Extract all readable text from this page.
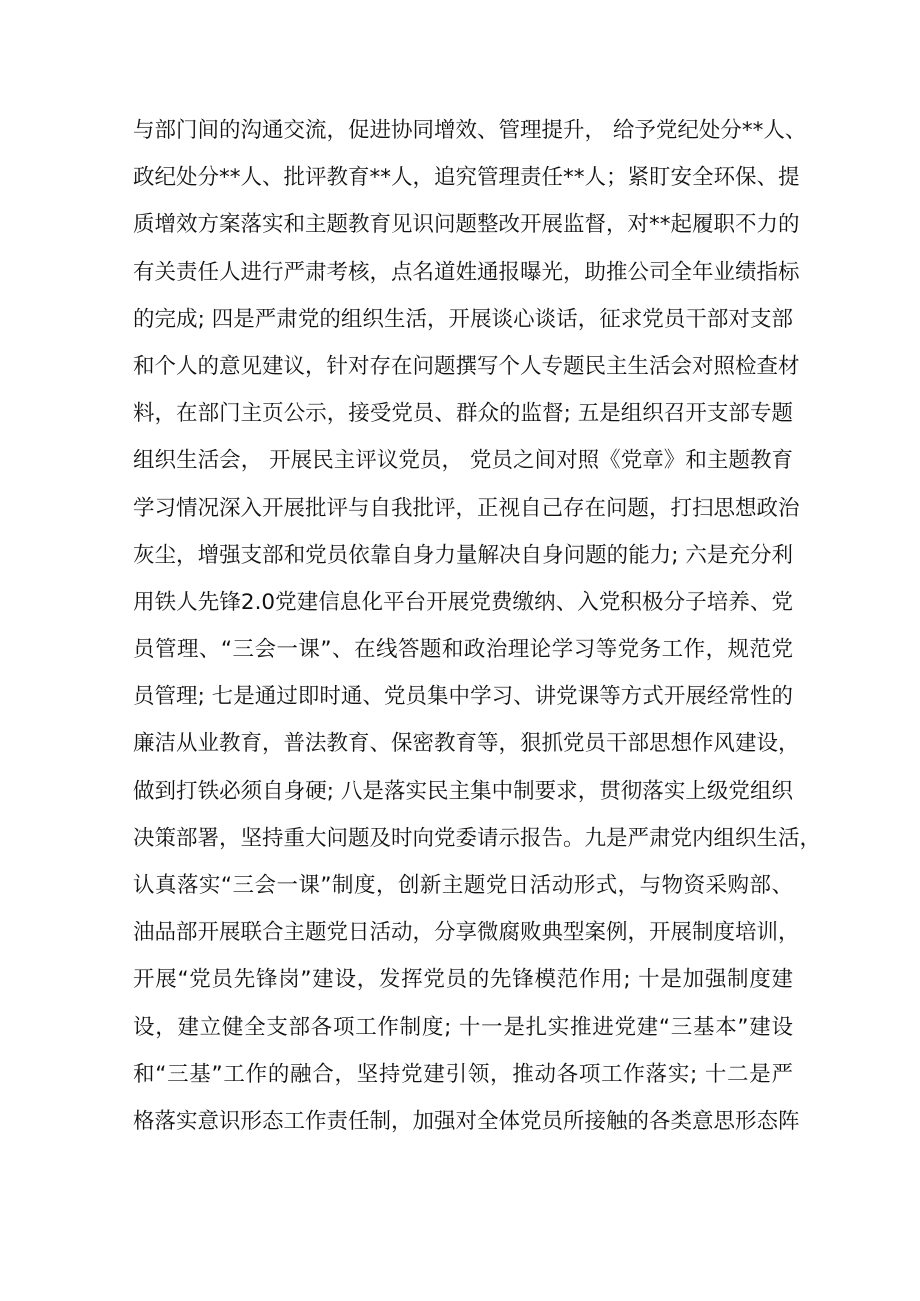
与部门间的沟通交流，促进协同增效、管理提升， 给予党纪处分**人、
政纪处分**人、批评教育**人，追究管理责任**人；紧盯安全环保、提
质增效方案落实和主题教育见识问题整改开展监督，对**起履职不力的
有关责任人进行严肃考核，点名道姓通报曝光，助推公司全年业绩指标
的完成; 四是严肃党的组织生活，开展谈心谈话，征求党员干部对支部
和个人的意见建议，针对存在问题撰写个人专题民主生活会对照检查材
料，在部门主页公示，接受党员、群众的监督; 五是组织召开支部专题
组织生活会， 开展民主评议党员， 党员之间对照《党章》和主题教育
学习情况深入开展批评与自我批评，正视自己存在问题，打扫思想政治
灰尘，增强支部和党员依靠自身力量解决自身问题的能力; 六是充分利
用铁人先锋2.0党建信息化平台开展党费缴纳、入党积极分子培养、党
员管理、“三会一课”、在线答题和政治理论学习等党务工作，规范党
员管理; 七是通过即时通、党员集中学习、讲党课等方式开展经常性的
廉洁从业教育，普法教育、保密教育等，狠抓党员干部思想作风建设，
做到打铁必须自身硬; 八是落实民主集中制要求，贯彻落实上级党组织
决策部署，坚持重大问题及时向党委请示报告。九是严肃党内组织生活，
认真落实“三会一课”制度，创新主题党日活动形式，与物资采购部、
油品部开展联合主题党日活动，分享微腐败典型案例，开展制度培训，
开展“党员先锋岗”建设，发挥党员的先锋模范作用; 十是加强制度建
设，建立健全支部各项工作制度; 十一是扎实推进党建“三基本”建设
和“三基”工作的融合，坚持党建引领，推动各项工作落实; 十二是严
格落实意识形态工作责任制，加强对全体党员所接触的各类意思形态阵
